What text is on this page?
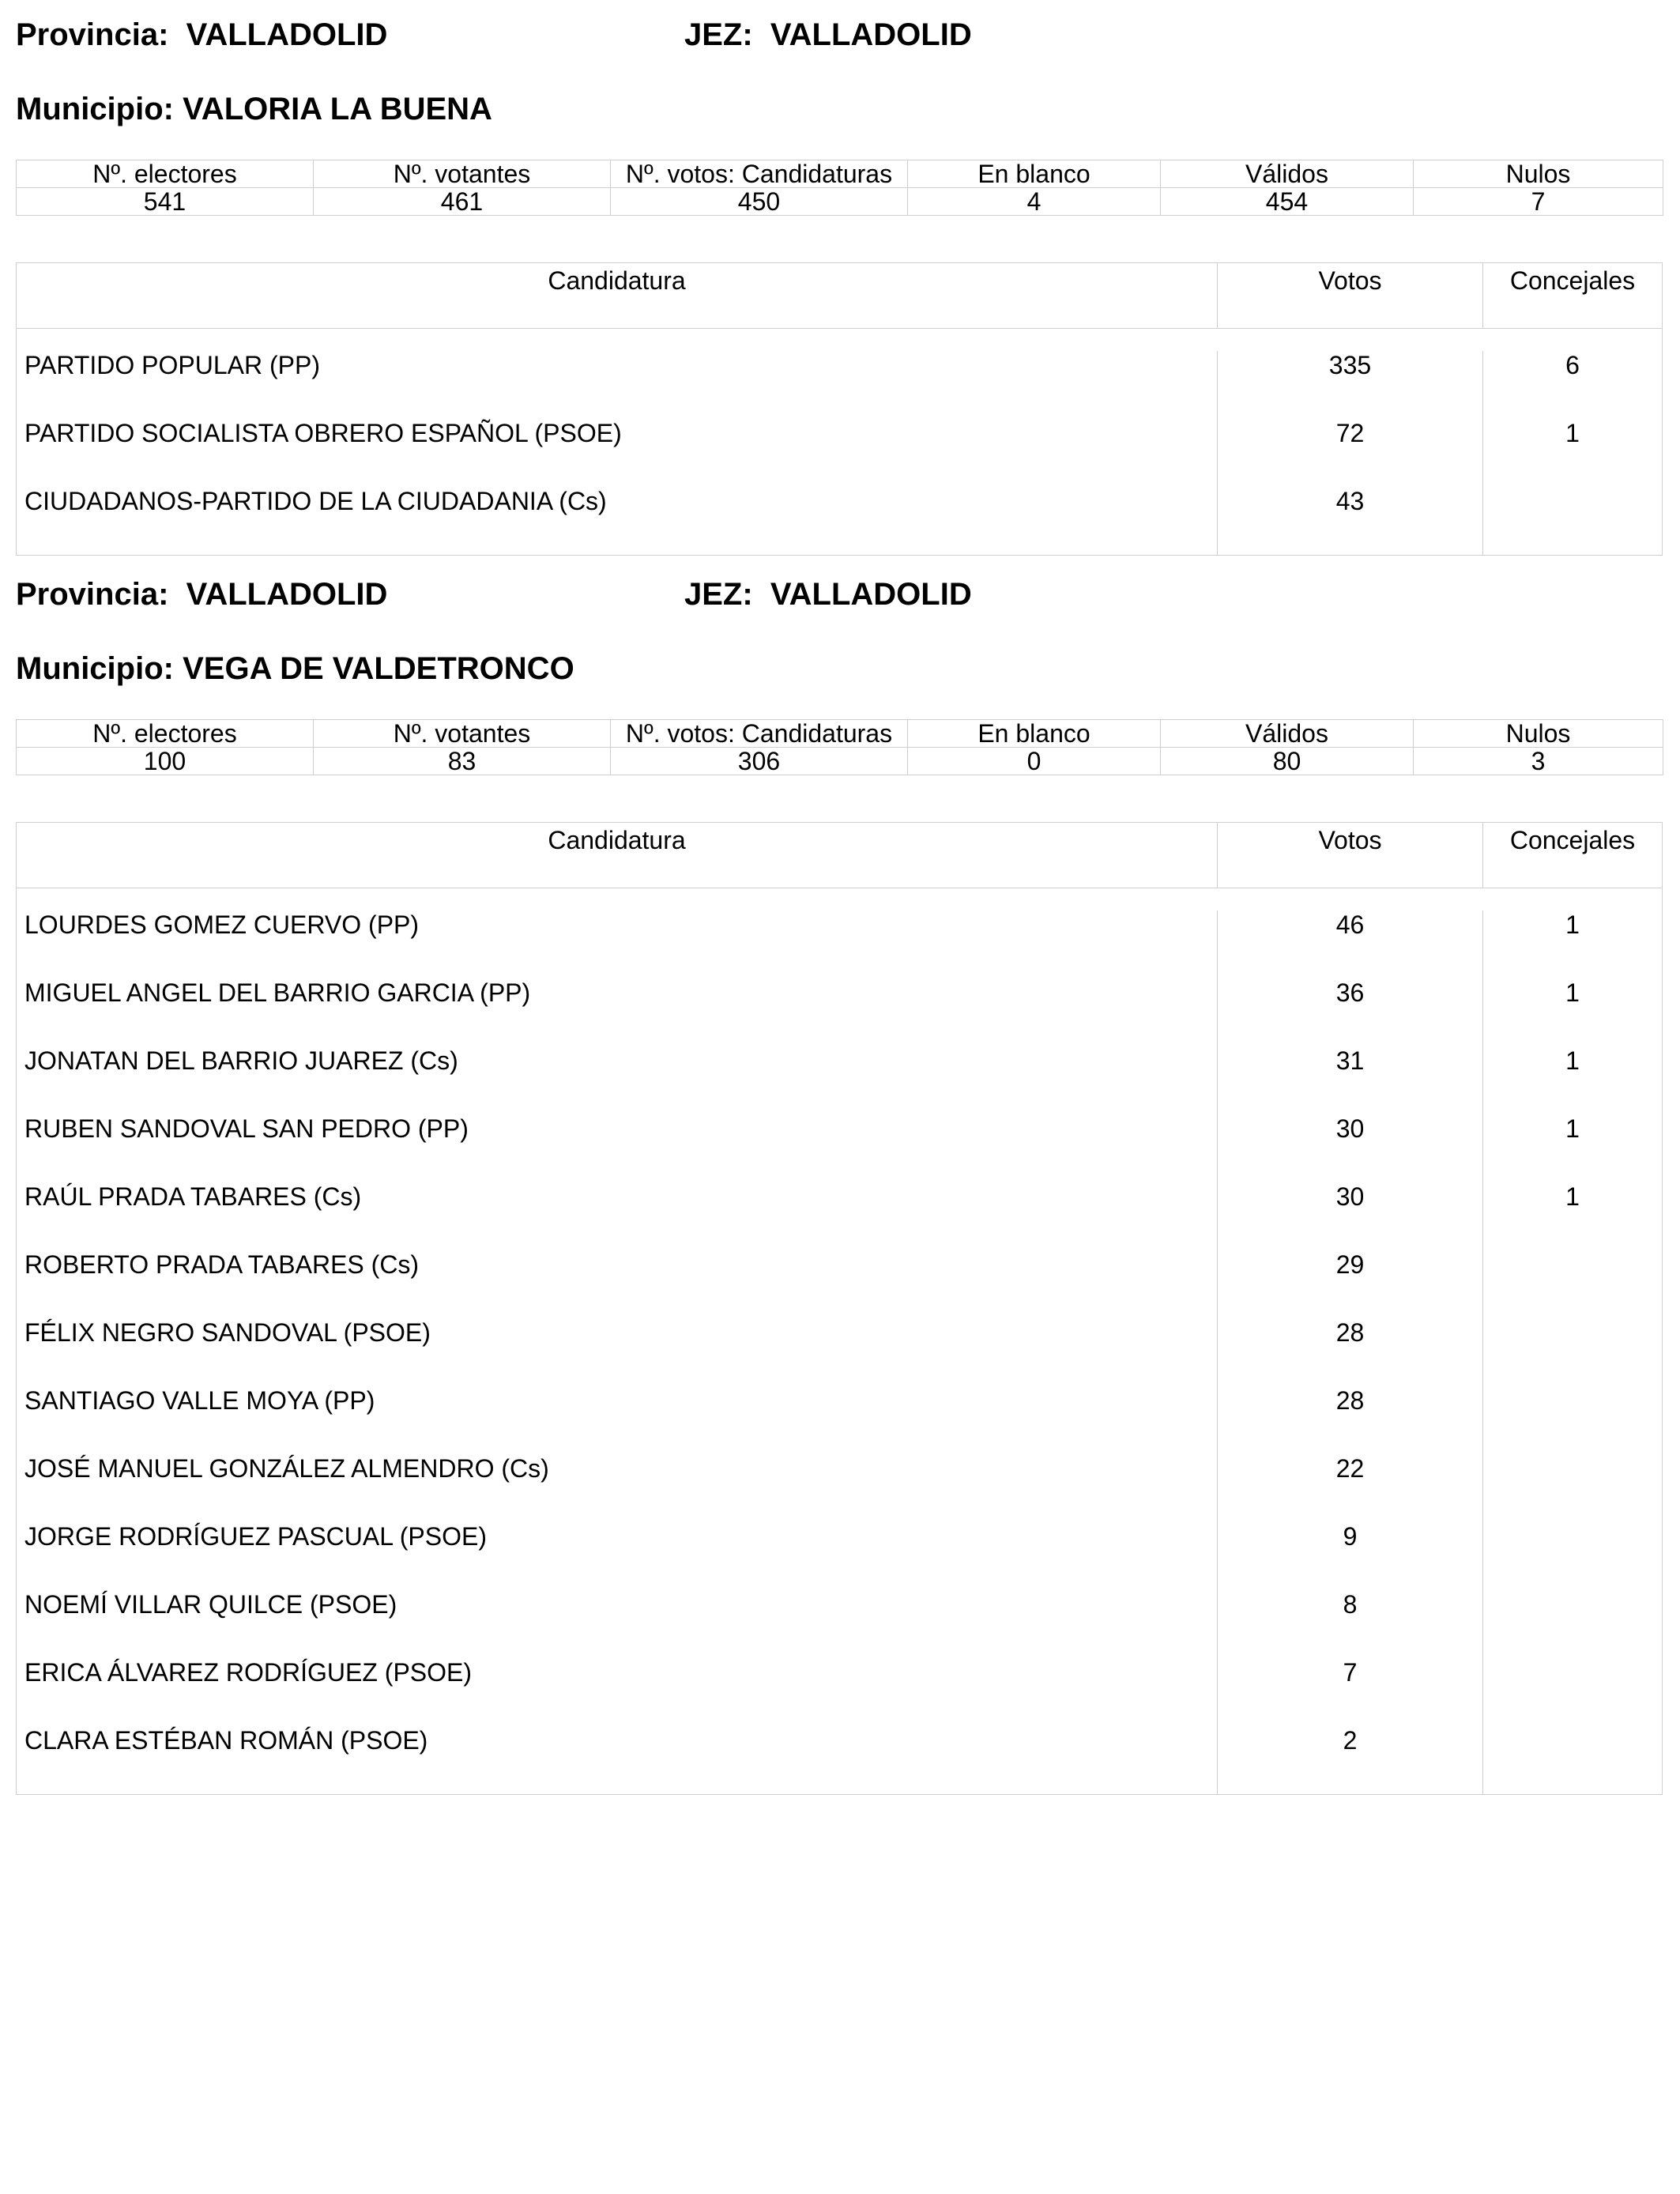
Provincia: VALLADOLID	JEZ: VALLADOLID
Municipio: VALORIA LA BUENA
Nº. electores	Nº. votantes	Nº. votos: Candidaturas	En blanco	Válidos	Nulos
541	461	450	4	454	7
Candidatura	Votos	Concejales
PARTIDO POPULAR (PP)	335	6
PARTIDO SOCIALISTA OBRERO ESPAÑOL (PSOE)	72	1
CIUDADANOS-PARTIDO DE LA CIUDADANIA (Cs)	43
Provincia: VALLADOLID	JEZ: VALLADOLID
Municipio: VEGA DE VALDETRONCO
Nº. electores	Nº. votantes	Nº. votos: Candidaturas	En blanco	Válidos	Nulos
100	83	306	0	80	3
Candidatura	Votos	Concejales
LOURDES GOMEZ CUERVO (PP)	46	1
MIGUEL ANGEL DEL BARRIO GARCIA (PP)	36	1
JONATAN DEL BARRIO JUAREZ (Cs)	31	1
RUBEN SANDOVAL SAN PEDRO (PP)	30	1
RAÚL PRADA TABARES (Cs)	30	1
ROBERTO PRADA TABARES (Cs)	29
FÉLIX NEGRO SANDOVAL (PSOE)	28
SANTIAGO VALLE MOYA (PP)	28
JOSÉ MANUEL GONZÁLEZ ALMENDRO (Cs)	22
JORGE RODRÍGUEZ PASCUAL (PSOE)	9
NOEMÍ VILLAR QUILCE (PSOE)	8
ERICA ÁLVAREZ RODRÍGUEZ (PSOE)	7
CLARA ESTÉBAN ROMÁN (PSOE)	2
